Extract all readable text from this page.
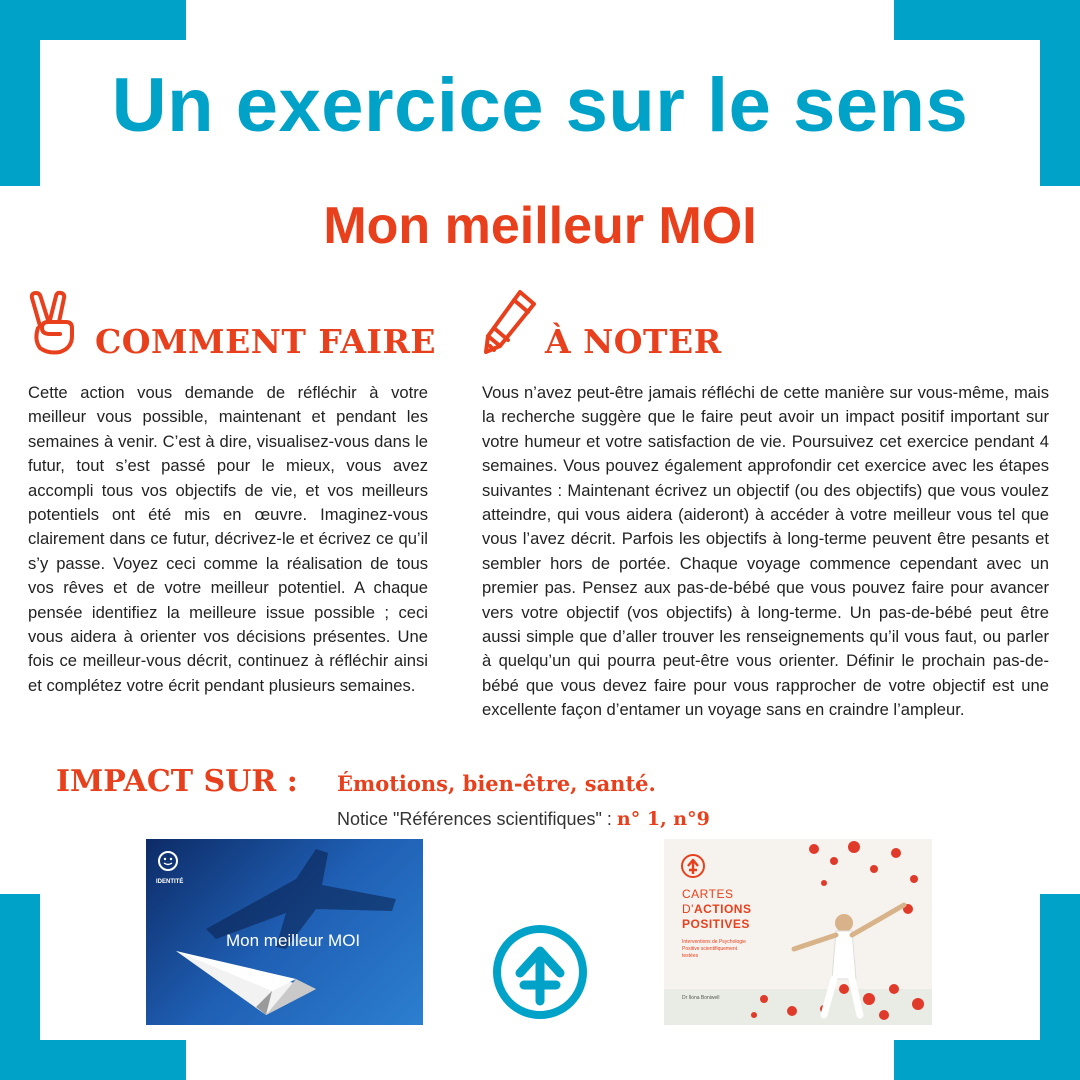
Un exercice sur le sens
Mon meilleur MOI
COMMENT FAIRE

Cette action vous demande de réfléchir à votre meilleur vous possible, maintenant et pendant les semaines à venir. C’est à dire, visualisez-vous dans le futur, tout s’est passé pour le mieux, vous avez accompli tous vos objectifs de vie, et vos meilleurs potentiels ont été mis en œuvre. Imaginez-vous clairement dans ce futur, décrivez-le et écrivez ce qu’il s’y passe. Voyez ceci comme la réalisation de tous vos rêves et de votre meilleur potentiel. A chaque pensée identifiez la meilleure issue possible ; ceci vous aidera à orienter vos décisions présentes. Une fois ce meilleur-vous décrit, continuez à réfléchir ainsi et complétez votre écrit pendant plusieurs semaines.

À NOTER

Vous n’avez peut-être jamais réfléchi de cette manière sur vous-même, mais la recherche suggère que le faire peut avoir un impact positif important sur votre humeur et votre satisfaction de vie. Poursuivez cet exercice pendant 4 semaines. Vous pouvez également approfondir cet exercice avec les étapes suivantes : Maintenant écrivez un objectif (ou des objectifs) que vous voulez atteindre, qui vous aidera (aideront) à accéder à votre meilleur vous tel que vous l’avez décrit. Parfois les objectifs à long-terme peuvent être pesants et sembler hors de portée. Chaque voyage commence cependant avec un premier pas. Pensez aux pas-de-bébé que vous pouvez faire pour avancer vers votre objectif (vos objectifs) à long-terme. Un pas-de-bébé peut être aussi simple que d’aller trouver les renseignements qu’il vous faut, ou parler à quelqu’un qui pourra peut-être vous orienter. Définir le prochain pas-de-bébé que vous devez faire pour vous rapprocher de votre objectif est une excellente façon d’entamer un voyage sans en craindre l’ampleur.

IMPACT SUR : Émotions, bien-être, santé.
Notice "Références scientifiques" : n° 1, n°9
IDENTITÉ
Mon meilleur MOI
CARTES
D'ACTIONS
POSITIVES
Interventions de Psychologie
Positive scientifiquement
testées
Dr Ilona Boniwell
